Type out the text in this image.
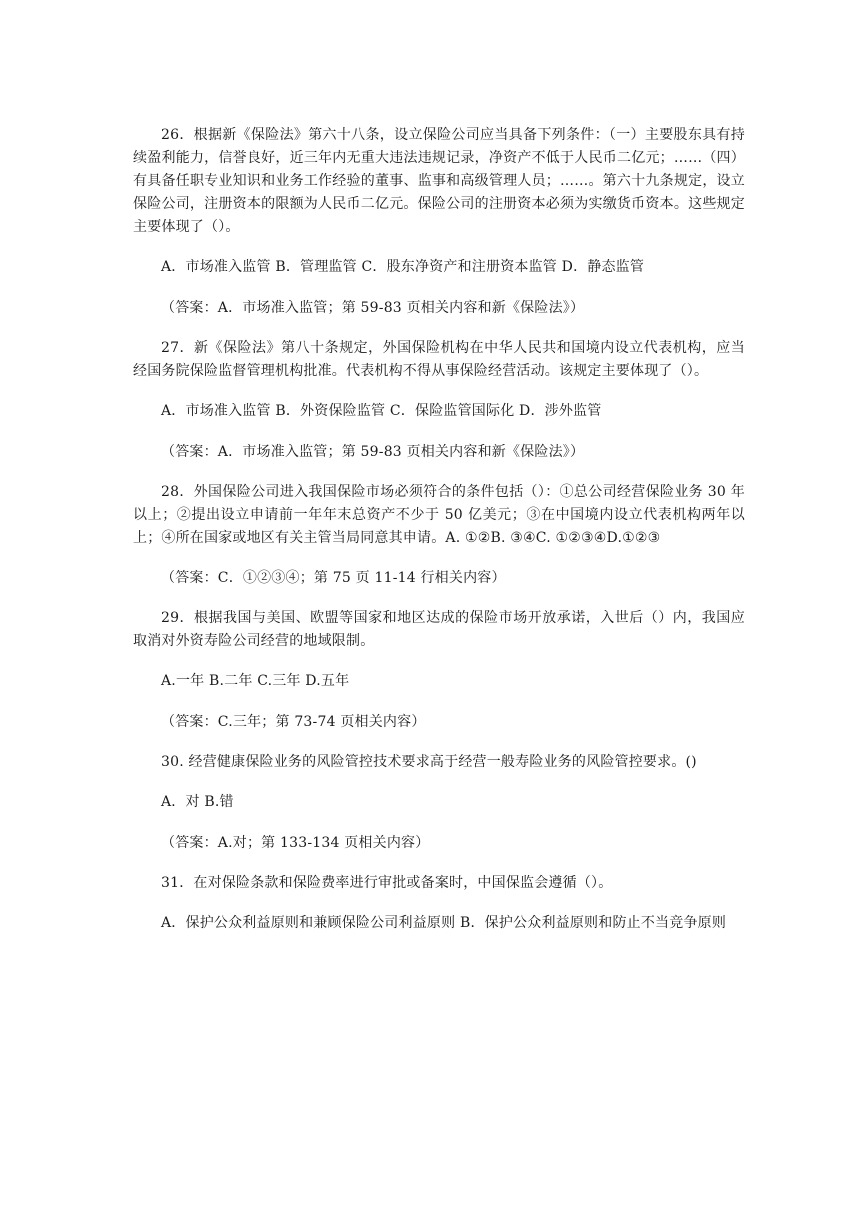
26．根据新《保险法》第六十八条，设立保险公司应当具备下列条件：（一）主要股东具有持续盈利能力，信誉良好，近三年内无重大违法违规记录，净资产不低于人民币二亿元；……（四）有具备任职专业知识和业务工作经验的董事、监事和高级管理人员；……。第六十九条规定，设立保险公司，注册资本的限额为人民币二亿元。保险公司的注册资本必须为实缴货币资本。这些规定主要体现了（）。

A．市场准入监管 B．管理监管 C．股东净资产和注册资本监管 D．静态监管

（答案：A．市场准入监管；第 59-83 页相关内容和新《保险法》）

27．新《保险法》第八十条规定，外国保险机构在中华人民共和国境内设立代表机构，应当经国务院保险监督管理机构批准。代表机构不得从事保险经营活动。该规定主要体现了（）。

A．市场准入监管 B．外资保险监管 C．保险监管国际化 D．涉外监管

（答案：A．市场准入监管；第 59-83 页相关内容和新《保险法》）

28．外国保险公司进入我国保险市场必须符合的条件包括（）：①总公司经营保险业务 30 年以上；②提出设立申请前一年年末总资产不少于 50 亿美元；③在中国境内设立代表机构两年以上；④所在国家或地区有关主管当局同意其申请。A. ①②B. ③④C. ①②③④D.①②③

（答案：C．①②③④；第 75 页 11-14 行相关内容）

29．根据我国与美国、欧盟等国家和地区达成的保险市场开放承诺，入世后（）内，我国应取消对外资寿险公司经营的地域限制。

A.一年 B.二年 C.三年 D.五年

（答案：C.三年；第 73-74 页相关内容）

30. 经营健康保险业务的风险管控技术要求高于经营一般寿险业务的风险管控要求。()

A．对 B.错

（答案：A.对；第 133-134 页相关内容）

31．在对保险条款和保险费率进行审批或备案时，中国保监会遵循（）。

A．保护公众利益原则和兼顾保险公司利益原则 B．保护公众利益原则和防止不当竞争原则
